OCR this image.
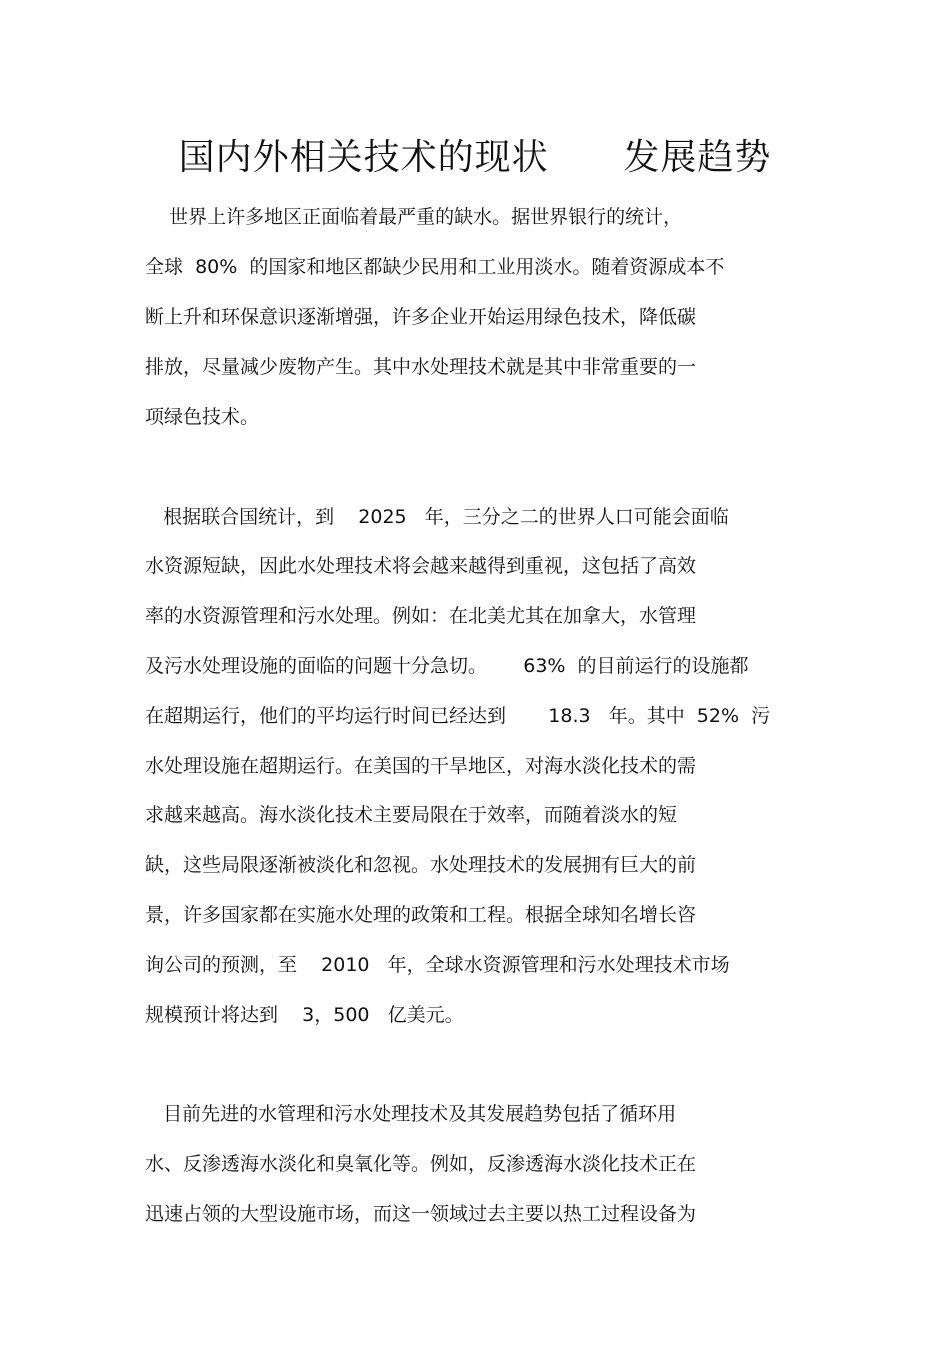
国内外相关技术的现状      发展趋势
世界上许多地区正面临着最严重的缺水。据世界银行的统计，
全球  80%  的国家和地区都缺少民用和工业用淡水。随着资源成本不
断上升和环保意识逐渐增强，许多企业开始运用绿色技术，降低碳
排放，尽量减少废物产生。其中水处理技术就是其中非常重要的一
项绿色技术。
根据联合国统计，到    2025   年，三分之二的世界人口可能会面临
水资源短缺，因此水处理技术将会越来越得到重视，这包括了高效
率的水资源管理和污水处理。例如：在北美尤其在加拿大，水管理
及污水处理设施的面临的问题十分急切。      63%  的目前运行的设施都
在超期运行，他们的平均运行时间已经达到       18.3   年。其中  52%  污
水处理设施在超期运行。在美国的干旱地区，对海水淡化技术的需
求越来越高。海水淡化技术主要局限在于效率，而随着淡水的短
缺，这些局限逐渐被淡化和忽视。水处理技术的发展拥有巨大的前
景，许多国家都在实施水处理的政策和工程。根据全球知名增长咨
询公司的预测，至    2010   年，全球水资源管理和污水处理技术市场
规模预计将达到    3，500   亿美元。
目前先进的水管理和污水处理技术及其发展趋势包括了循环用
水、反渗透海水淡化和臭氧化等。例如，反渗透海水淡化技术正在
迅速占领的大型设施市场，而这一领域过去主要以热工过程设备为
